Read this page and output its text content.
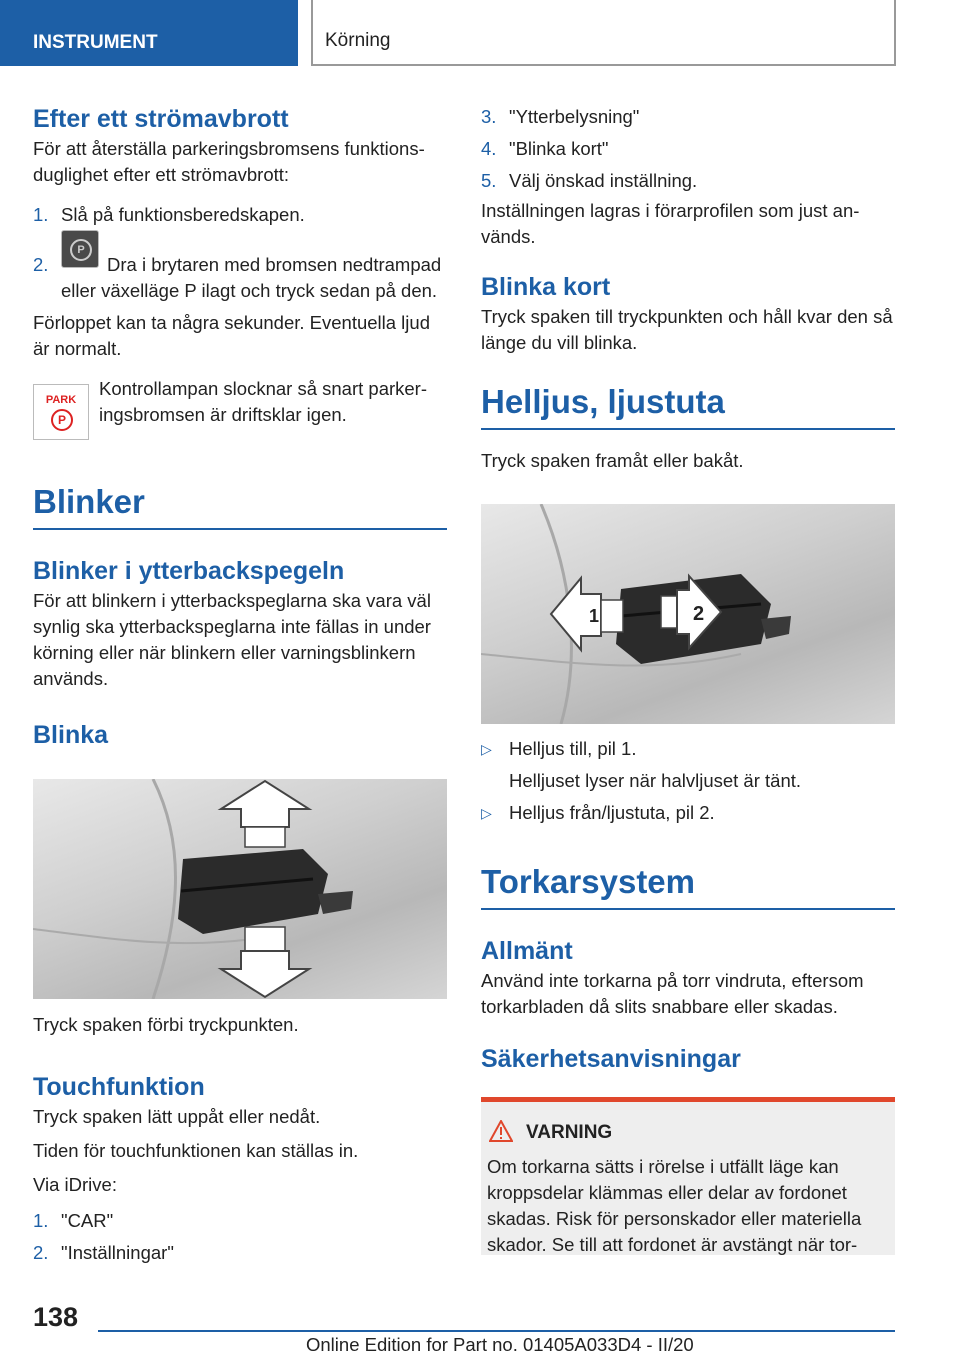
INSTRUMENT	Körning
Efter ett strömavbrott

För att återställa parkeringsbromsens funktionsduglighet efter ett strömavbrott:

1. Slå på funktionsberedskapen.
2.
P
Dra i brytaren med bromsen nedtrampad eller växelläge P ilagt och tryck sedan på den.

Förloppet kan ta några sekunder. Eventuella ljud är normalt.

PARK
P

Kontrollampan slocknar så snart parkeringsbromsen är driftsklar igen.

Blinker
Blinker i ytterbackspegeln

För att blinkern i ytterbackspeglarna ska vara väl synlig ska ytterbackspeglarna inte fällas in under körning eller när blinkern eller varningsblinkern används.

Blinka

Tryck spaken förbi tryckpunkten.

Touchfunktion

Tryck spaken lätt uppåt eller nedåt.

Tiden för touchfunktionen kan ställas in.

Via iDrive:

1. "CAR"
2. "Inställningar"
3. "Ytterbelysning"
4. "Blinka kort"
5. Välj önskad inställning.

Inställningen lagras i förarprofilen som just används.

Blinka kort

Tryck spaken till tryckpunkten och håll kvar den så länge du vill blinka.

Helljus, ljustuta

Tryck spaken framåt eller bakåt.

1	2
▷ Helljus till, pil 1.
Helljuset lyser när halvljuset är tänt.
▷ Helljus från/ljustuta, pil 2.
Torkarsystem
Allmänt

Använd inte torkarna på torr vindruta, eftersom torkarbladen då slits snabbare eller skadas.

Säkerhetsanvisningar
VARNING

Om torkarna sätts i rörelse i utfällt läge kan kroppsdelar klämmas eller delar av fordonet skadas. Risk för personskador eller materiella skador. Se till att fordonet är avstängt när tor-

138
Online Edition for Part no. 01405A033D4 - II/20
